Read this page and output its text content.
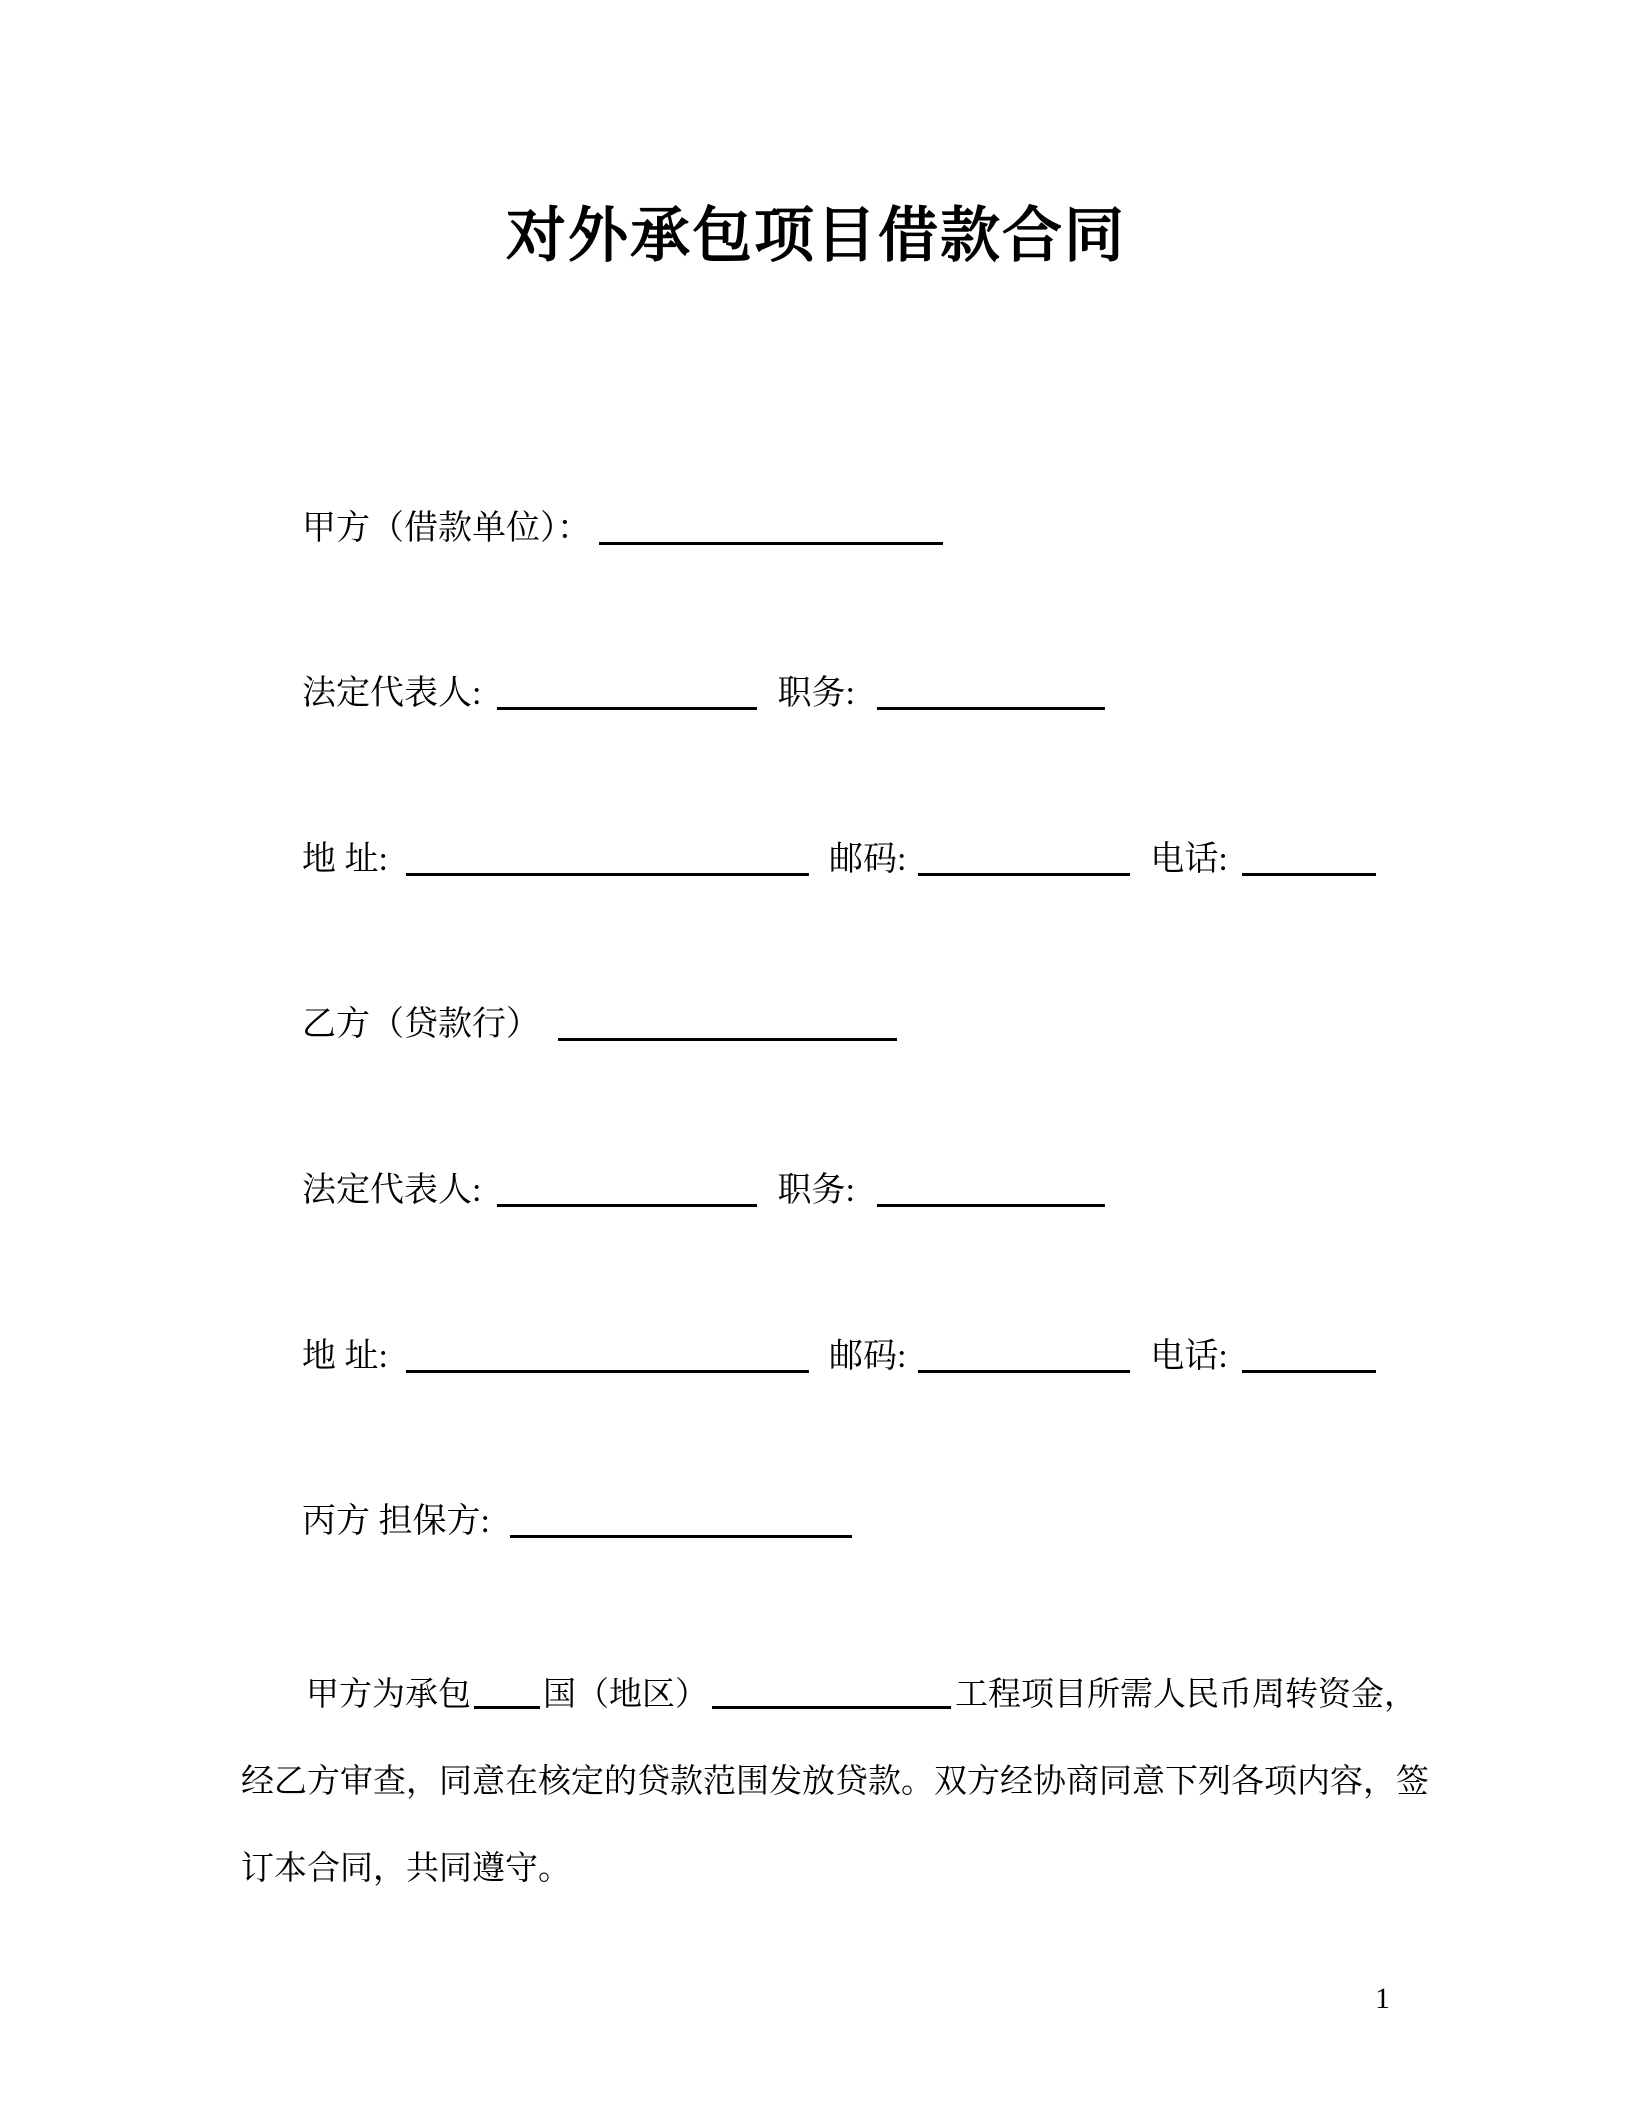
对外承包项目借款合同
甲方（借款单位）：
法定代表人:	职务:
地 址:	邮码:	电话:
乙方（贷款行）
法定代表人:	职务:
地 址:	邮码:	电话:
丙方 担保方:
甲方为承包 国（地区）	工程项目所需人民币周转资金，
经乙方审查，同意在核定的贷款范围发放贷款。双方经协商同意下列各项内容，签
订本合同，共同遵守。
1
